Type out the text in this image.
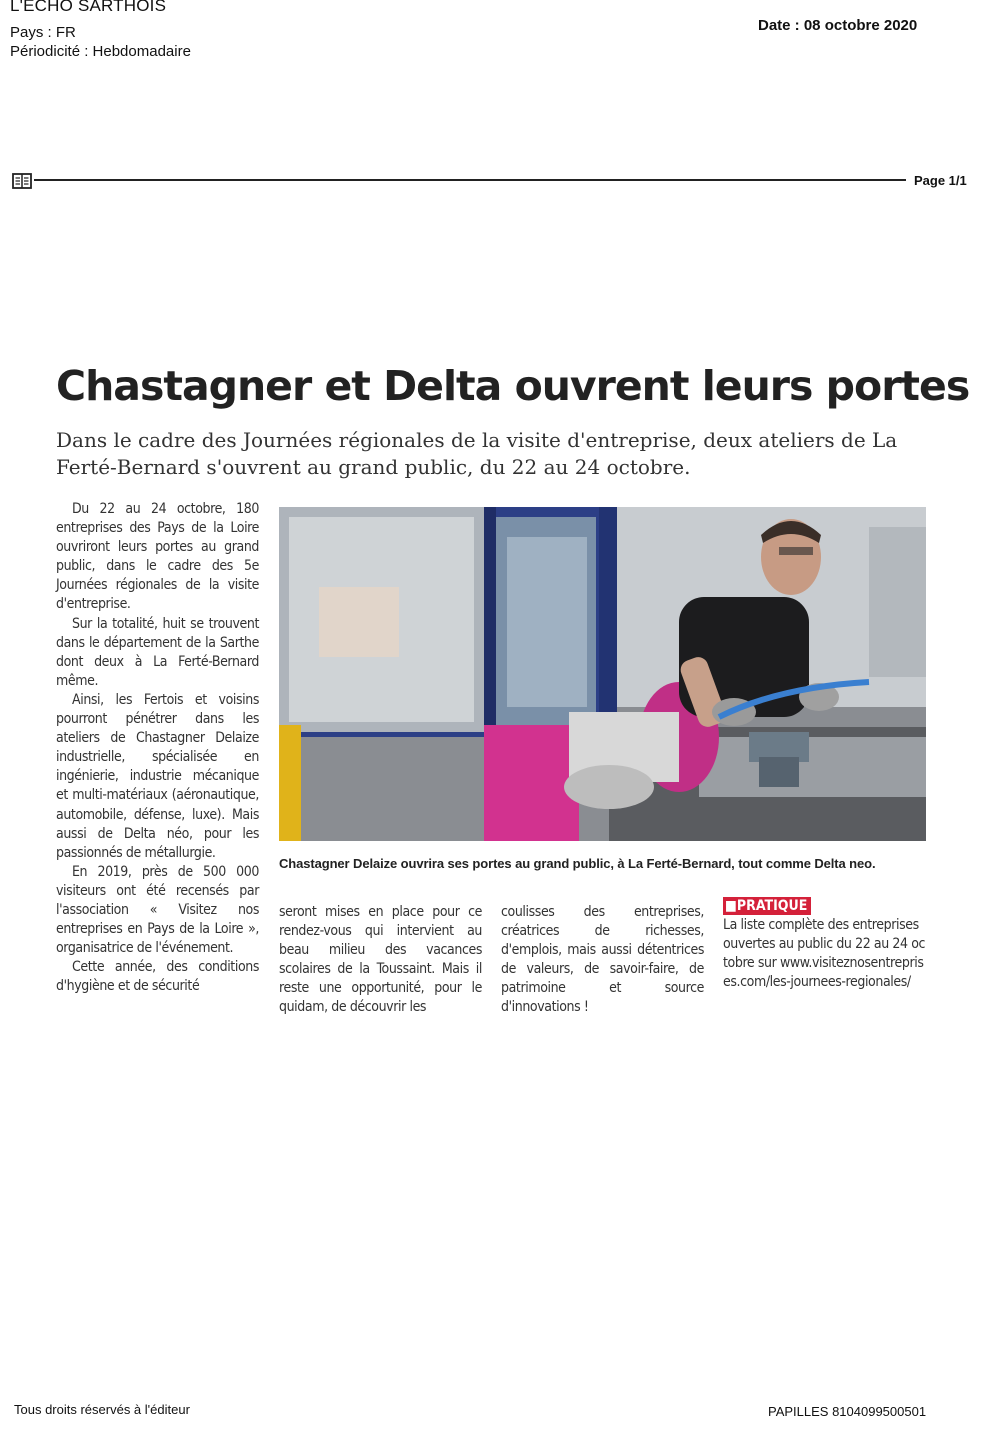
L'ECHO SARTHOIS
Pays : FR
Périodicité : Hebdomadaire
Date : 08 octobre 2020
Page 1/1
Chastagner et Delta ouvrent leurs portes

Dans le cadre des Journées régionales de la visite d'entreprise, deux ateliers de La Ferté-Bernard s'ouvrent au grand public, du 22 au 24 octobre.

Du 22 au 24 octobre, 180 entreprises des Pays de la Loire ouvriront leurs portes au grand public, dans le cadre des 5e Journées régionales de la visite d'entreprise.

Sur la totalité, huit se trouvent dans le département de la Sarthe dont deux à La Ferté-Bernard même.

Ainsi, les Fertois et voisins pourront pénétrer dans les ateliers de Chastagner Delaize industrielle, spécialisée en ingénierie, industrie mécanique et multi-matériaux (aéronautique, automobile, défense, luxe). Mais aussi de Delta néo, pour les passionnés de métallurgie.

En 2019, près de 500 000 visiteurs ont été recensés par l'association « Visitez nos entreprises en Pays de la Loire », organisatrice de l'événement.

Cette année, des conditions d'hygiène et de sécurité

Chastagner Delaize ouvrira ses portes au grand public, à La Ferté-Bernard, tout comme Delta neo.

seront mises en place pour ce rendez-vous qui intervient au beau milieu des vacances scolaires de la Toussaint. Mais il reste une opportunité, pour le quidam, de découvrir les

coulisses des entreprises, créatrices de richesses, d'emplois, mais aussi détentrices de valeurs, de savoir-faire, de patrimoine et source d'innovations !

■PRATIQUE

La liste complète des entreprises ouvertes au public du 22 au 24 octobre sur www.visiteznosentreprises.com/les-journees-regionales/

Tous droits réservés à l'éditeur	PAPILLES 8104099500501
